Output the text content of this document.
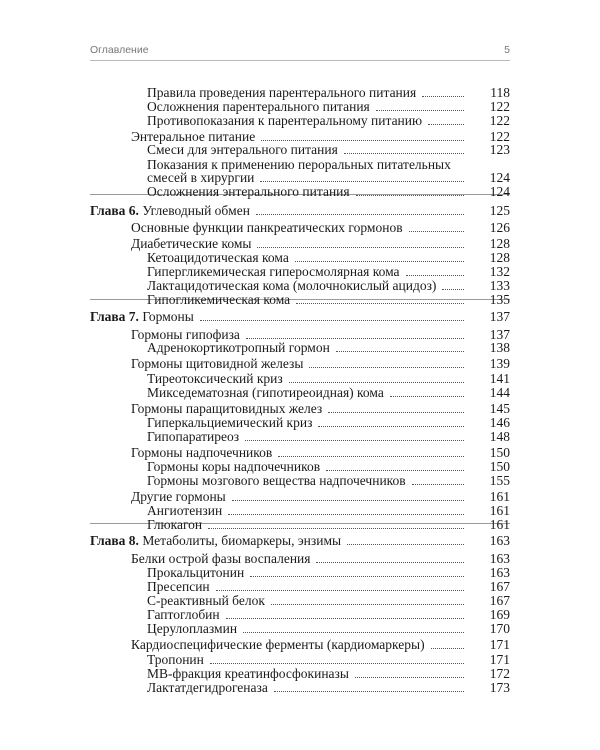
Оглавление	5
Правила проведения парентерального питания	118
Осложнения парентерального питания	122
Противопоказания к парентеральному питанию	122
Энтеральное питание	122
Смеси для энтерального питания	123
Показания к применению пероральных питательных
смесей в хирургии	124
Осложнения энтерального питания	124
Глава 6. Углеводный обмен	125
Основные функции панкреатических гормонов	126
Диабетические комы	128
Кетоацидотическая кома	128
Гипергликемическая гиперосмолярная кома	132
Лактацидотическая кома (молочнокислый ацидоз)	133
Гипогликемическая кома	135
Глава 7. Гормоны	137
Гормоны гипофиза	137
Адренокортикотропный гормон	138
Гормоны щитовидной железы	139
Тиреотоксический криз	141
Микседематозная (гипотиреоидная) кома	144
Гормоны паращитовидных желез	145
Гиперкальциемический криз	146
Гипопаратиреоз	148
Гормоны надпочечников	150
Гормоны коры надпочечников	150
Гормоны мозгового вещества надпочечников	155
Другие гормоны	161
Ангиотензин	161
Глюкагон	161
Глава 8. Метаболиты, биомаркеры, энзимы	163
Белки острой фазы воспаления	163
Прокальцитонин	163
Пресепсин	167
С-реактивный белок	167
Гаптоглобин	169
Церулоплазмин	170
Кардиоспецифические ферменты (кардиомаркеры)	171
Тропонин	171
МВ-фракция креатинфосфокиназы	172
Лактатдегидрогеназа	173
